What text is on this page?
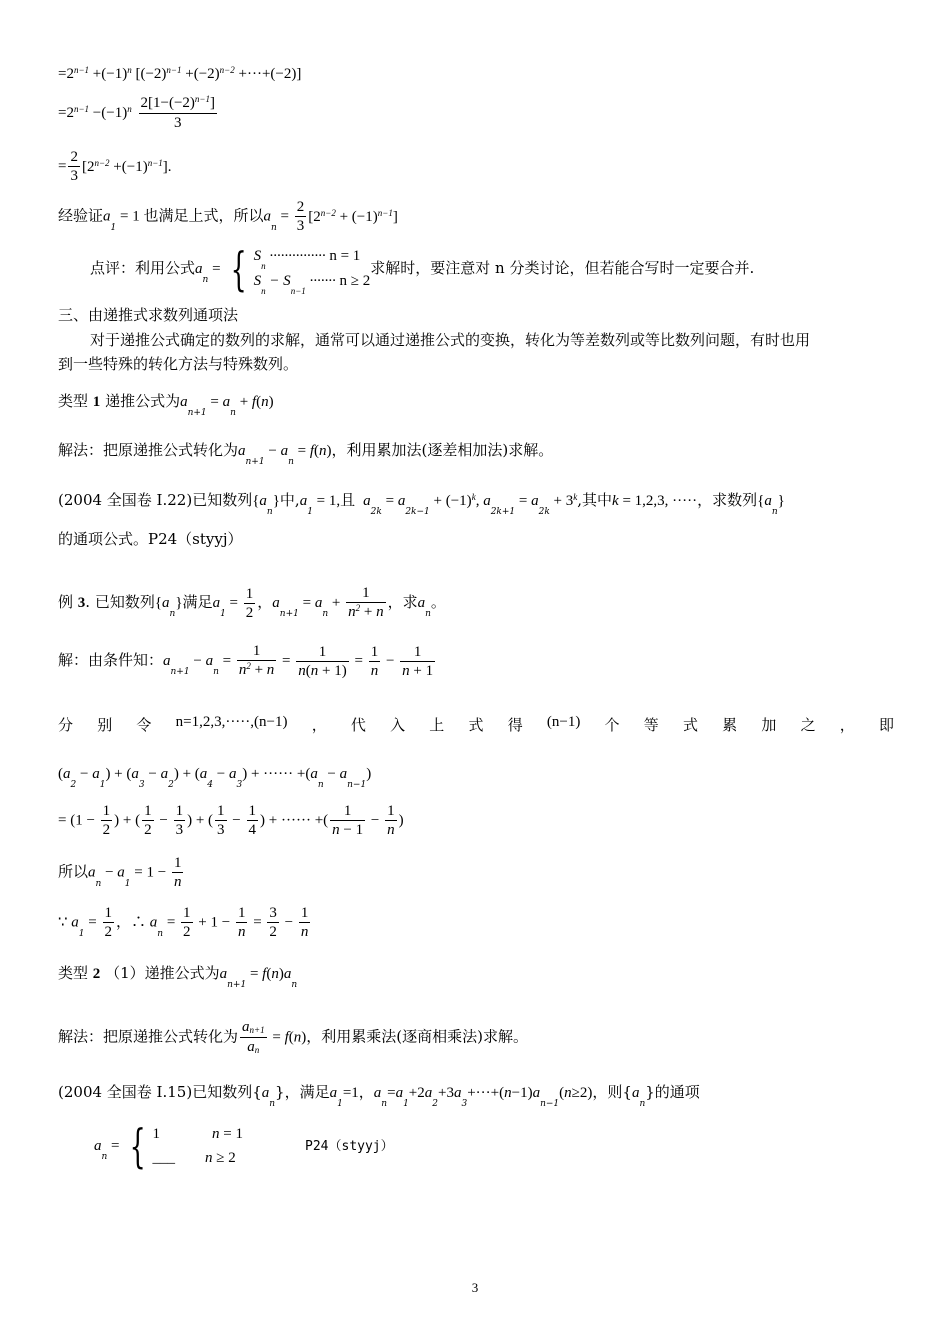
$=2^{n-1} +(-1)^n$ $[(-2)^{n-1} +(-2)^{n-2} +\cdot\cdot\cdot+(-2)]$
$=2^{n-1} -(-1)^n \frac{2[1-(-2)^{n-1}]}{3}$
= $\frac{2}{3} [2^{n-2} +(-1)^{n-1}]$.
经验证$a_1 = 1$ 也满足上式，所以$a_n = \frac{2}{3} [2^{n-2} + (-1)^{n-1}]$
点评：利用公式$a_n$ = { $S_n$ ··············· n = 1
$S_n - S_{n-1}$ ······· n ≥ 2求解时，要注意对 n 分类讨论，但若能合写时一定要合并.
三、由递推式求数列通项法
对于递推公式确定的数列的求解，通常可以通过递推公式的变换，转化为等差数列或等比数列问题，有时也用
到一些特殊的转化方法与特殊数列。
类型 1 递推公式为$a_{n+1} = a_n + f(n)$
解法：把原递推公式转化为$a_{n+1} - a_n = f(n)$，利用累加法(逐差相加法)求解。
(2004 全国卷 I.22)已知数列$\{a_n\}$中$,a_1 = 1$,且 $a_{2k} = a_{2k-1} + (-1)^k$, $a_{2k+1} = a_{2k} + 3^k$,其中k = 1,2,3, ·····，求数列$\{a_n\}$
的通项公式。P24（styyj）
例 3. 已知数列$\{a_n\}$满足$a_1 = \frac{1}{2}$ ，$a_{n+1} = a_n + \frac{1}{n^2 + n}$ ，求$a_n$。
解：由条件知：$a_{n+1} - a_n = \frac{1}{n^2 + n} = \frac{1}{n(n + 1)} = \frac{1}{n} - \frac{1}{n + 1}$
分 别 令 n=1,2,3,·····,(n−1) ， 代 入 上 式 得 (n−1) 个 等 式 累 加 之 ， 即
$(a_2 - a_1) + (a_3 - a_2) + (a_4 - a_3)$ + ······ $+(a_n - a_{n-1})$
= ($1 - \frac{1}{2}$ ) + ( $\frac{1}{2} - \frac{1}{3}$ ) + ( $\frac{1}{3} - \frac{1}{4}$ ) + ······ +( $\frac{1}{n - 1} - \frac{1}{n}$ )
所以$a_n - a_1 = 1 - \frac{1}{n}$
∵ $a_1 = \frac{1}{2}$ ，∴ $a_n = \frac{1}{2} + 1 - \frac{1}{n} = \frac{3}{2} - \frac{1}{n}$
类型 2 （1）递推公式为$a_{n+1} = f(n)a_n$
解法：把原递推公式转化为 $\frac{an+1}{an} = f(n)$，利用累乘法(逐商相乘法)求解。
(2004 全国卷 I.15)已知数列$\{a_n\}$，满足$a_1=1$，$a_n=a_1+2a_2+3a_3+\cdot\cdot\cdot+(n-1)a_{n-1}(n\ge 2)$，则$\{a_n\}$的通项
$a_n$ = { 1	n = 1
___ n ≥ 2P24（styyj）
3
